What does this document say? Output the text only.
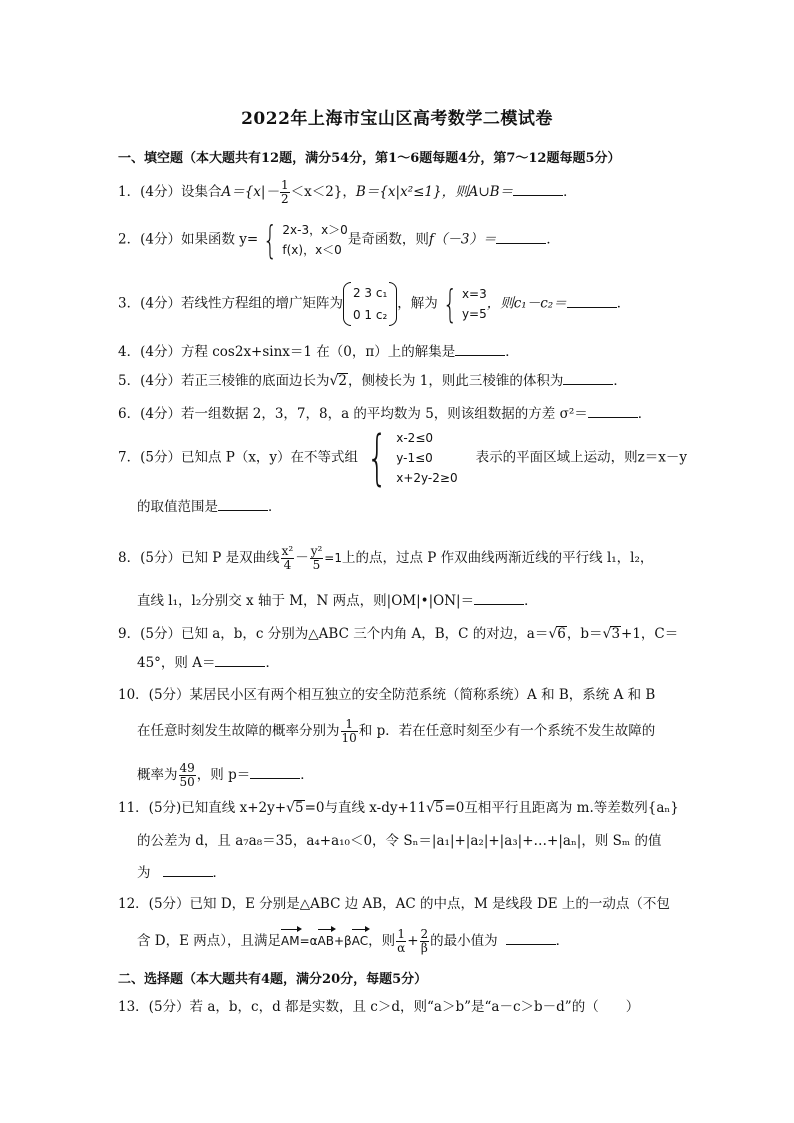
2022年上海市宝山区高考数学二模试卷
一、填空题（本大题共有12题，满分54分，第1～6题每题4分，第7～12题每题5分）
1．(4分）设集合$A=\{x|- \frac{1}{2} <x<2\}$，B＝{x|x²≤1}，则A∪B＝	．
2．(4分）如果函数 y= { 2x-3，x＞0
f(x)，x＜0
是奇函数，则f（－3）＝	．
3．(4分）若线性方程组的增广矩阵为
2 3 c₁
0 1 c₂
，解为 { x=3
y=5
，则c₁－c₂＝	．
4．(4分）方程 cos2x+sinx＝1 在（0，π）上的解集是	．
5．(4分）若正三棱锥的底面边长为√2，侧棱长为 1，则此三棱锥的体积为	．
6．(4分）若一组数据 2，3，7，8，a 的平均数为 5，则该组数据的方差 σ²＝	．
7．(5分）已知点 P（x，y）在不等式组 { x-2≤0
y-1≤0
x+2y-2≥0
表示的平面区域上运动，则z＝x－y
的取值范围是	．
8．(5分）已知 P 是双曲线 $\frac{\text{x²}}{4} - \frac{\text{y²}}{5} =1$上的点，过点 P 作双曲线两渐近线的平行线 l₁，l₂，
直线 l₁，l₂分别交 x 轴于 M，N 两点，则|OM|•|ON|＝	．
9．(5分）已知 a，b，c 分别为△ABC 三个内角 A，B，C 的对边，a＝√6，b＝√3+1，C＝
45°，则 A＝	．
10．(5分）某居民小区有两个相互独立的安全防范系统（简称系统）A 和 B，系统 A 和 B
在任意时刻发生故障的概率分别为 $\frac{1}{10}$ 和 p．若在任意时刻至少有一个系统不发生故障的
概率为 $\frac{49}{50}$ ，则 p＝	．
11．(5分)已知直线 x+2y+√5=0与直线 x-dy+11√5=0互相平行且距离为 m.等差数列{aₙ}
的公差为 d，且 a₇a₈＝35，a₄+a₁₀＜0，令 Sₙ＝|a₁|+|a₂|+|a₃|+…+|aₙ|，则 Sₘ 的值
为	．
12．(5分）已知 D，E 分别是△ABC 边 AB，AC 的中点，M 是线段 DE 上的一动点（不包
含 D，E 两点），且满足AM=αAB+βAC，则 $\frac{1}{\alpha} + \frac{2}{\beta}$ 的最小值为	．
二、选择题（本大题共有4题，满分20分，每题5分）
13．(5分）若 a，b，c，d 都是实数，且 c＞d，则“a＞b”是“a－c＞b－d”的（　　）
